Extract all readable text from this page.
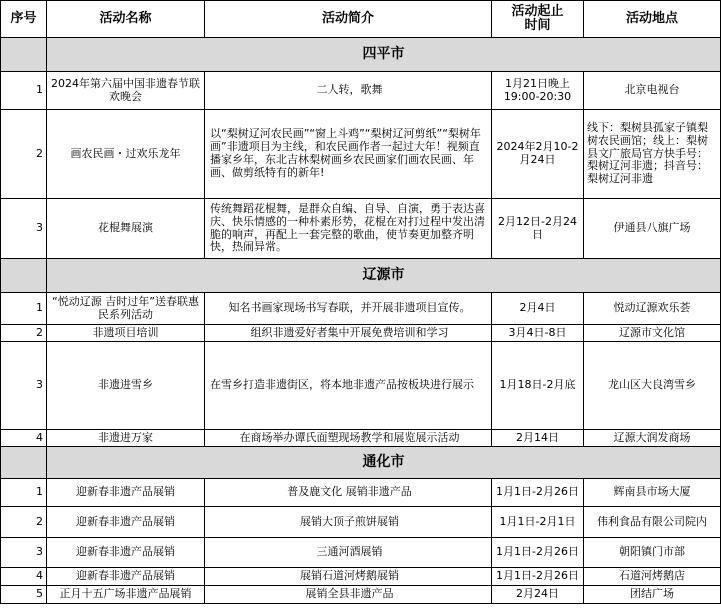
序号	活动名称	活动简介	活动起止时间	活动地点
	四平市			
1	2024年第六届中国非遗春节联欢晚会	二人转，歌舞	1月21日晚上19:00-20:30	北京电视台
2	画农民画・过欢乐龙年	以“梨树辽河农民画”“窗上斗鸡”“梨树辽河剪纸”“梨树年画”非遗项目为主线，和农民画作者一起过大年！视频直播家乡年，东北吉林梨树画乡农民画家们画农民画、年画、做剪纸特有的新年!	2024年2月10-2月24日	线下：梨树县孤家子镇梨树农民画馆；线上：梨树县文广旅局官方快手号：梨树辽河非遗；抖音号：梨树辽河非遗
3	花棍舞展演	传统舞蹈花棍舞，是群众自编、自导、自演，勇于表达喜庆、快乐情感的一种朴素形势，花棍在对打过程中发出清脆的响声，再配上一套完整的歌曲，使节奏更加整齐明快，热闹异常。	2月12日-2月24日	伊通县八旗广场
	辽源市			
1	“悦动辽源 吉时过年”送春联惠民系列活动	知名书画家现场书写春联，并开展非遗项目宣传。	2月4日	悦动辽源欢乐荟
2	非遗项目培训	组织非遗爱好者集中开展免费培训和学习	3月4日-8日	辽源市文化馆
3	非遗进雪乡	在雪乡打造非遗街区，将本地非遗产品按板块进行展示	1月18日-2月底	龙山区大良湾雪乡
4	非遗进万家	在商场举办谭氏面塑现场教学和展览展示活动	2月14日	辽源大润发商场
	通化市			
1	迎新春非遗产品展销	普及鹿文化 展销非遗产品	1月1日-2月26日	辉南县市场大厦
2	迎新春非遗产品展销	展销大顶子煎饼展销	1月1日-2月1日	伟利食品有限公司院内
3	迎新春非遗产品展销	三通河酒展销	1月1日-2月26日	朝阳镇门市部
4	迎新春非遗产品展销	展销石道河烤鹅展销	1月1日-2月26日	石道河烤鹅店
5	正月十五广场非遗产品展销	展销全县非遗产品	2月24日	团结广场
